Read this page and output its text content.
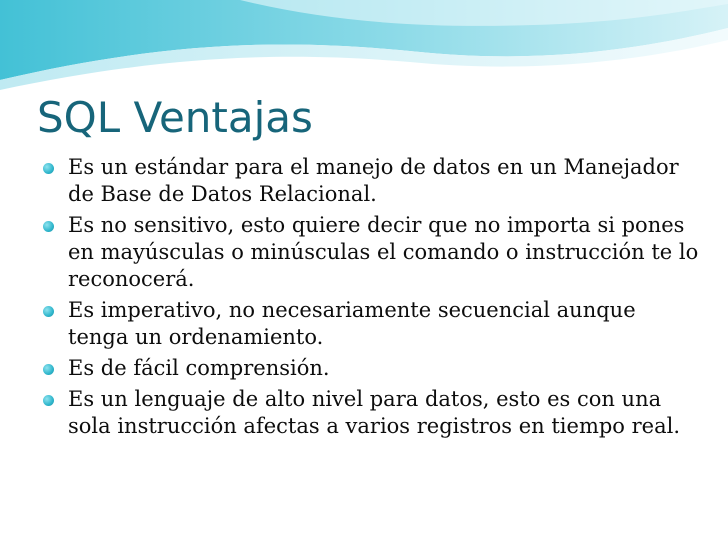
SQL Ventajas
Es un estándar para el manejo de datos en un Manejador de Base de Datos Relacional.
Es no sensitivo, esto quiere decir que no importa si pones en mayúsculas o minúsculas el comando o instrucción te lo reconocerá.
Es imperativo, no necesariamente secuencial aunque tenga un ordenamiento.
Es de fácil comprensión.
Es un lenguaje de alto nivel para datos, esto es con una sola instrucción afectas a varios registros en tiempo real.
